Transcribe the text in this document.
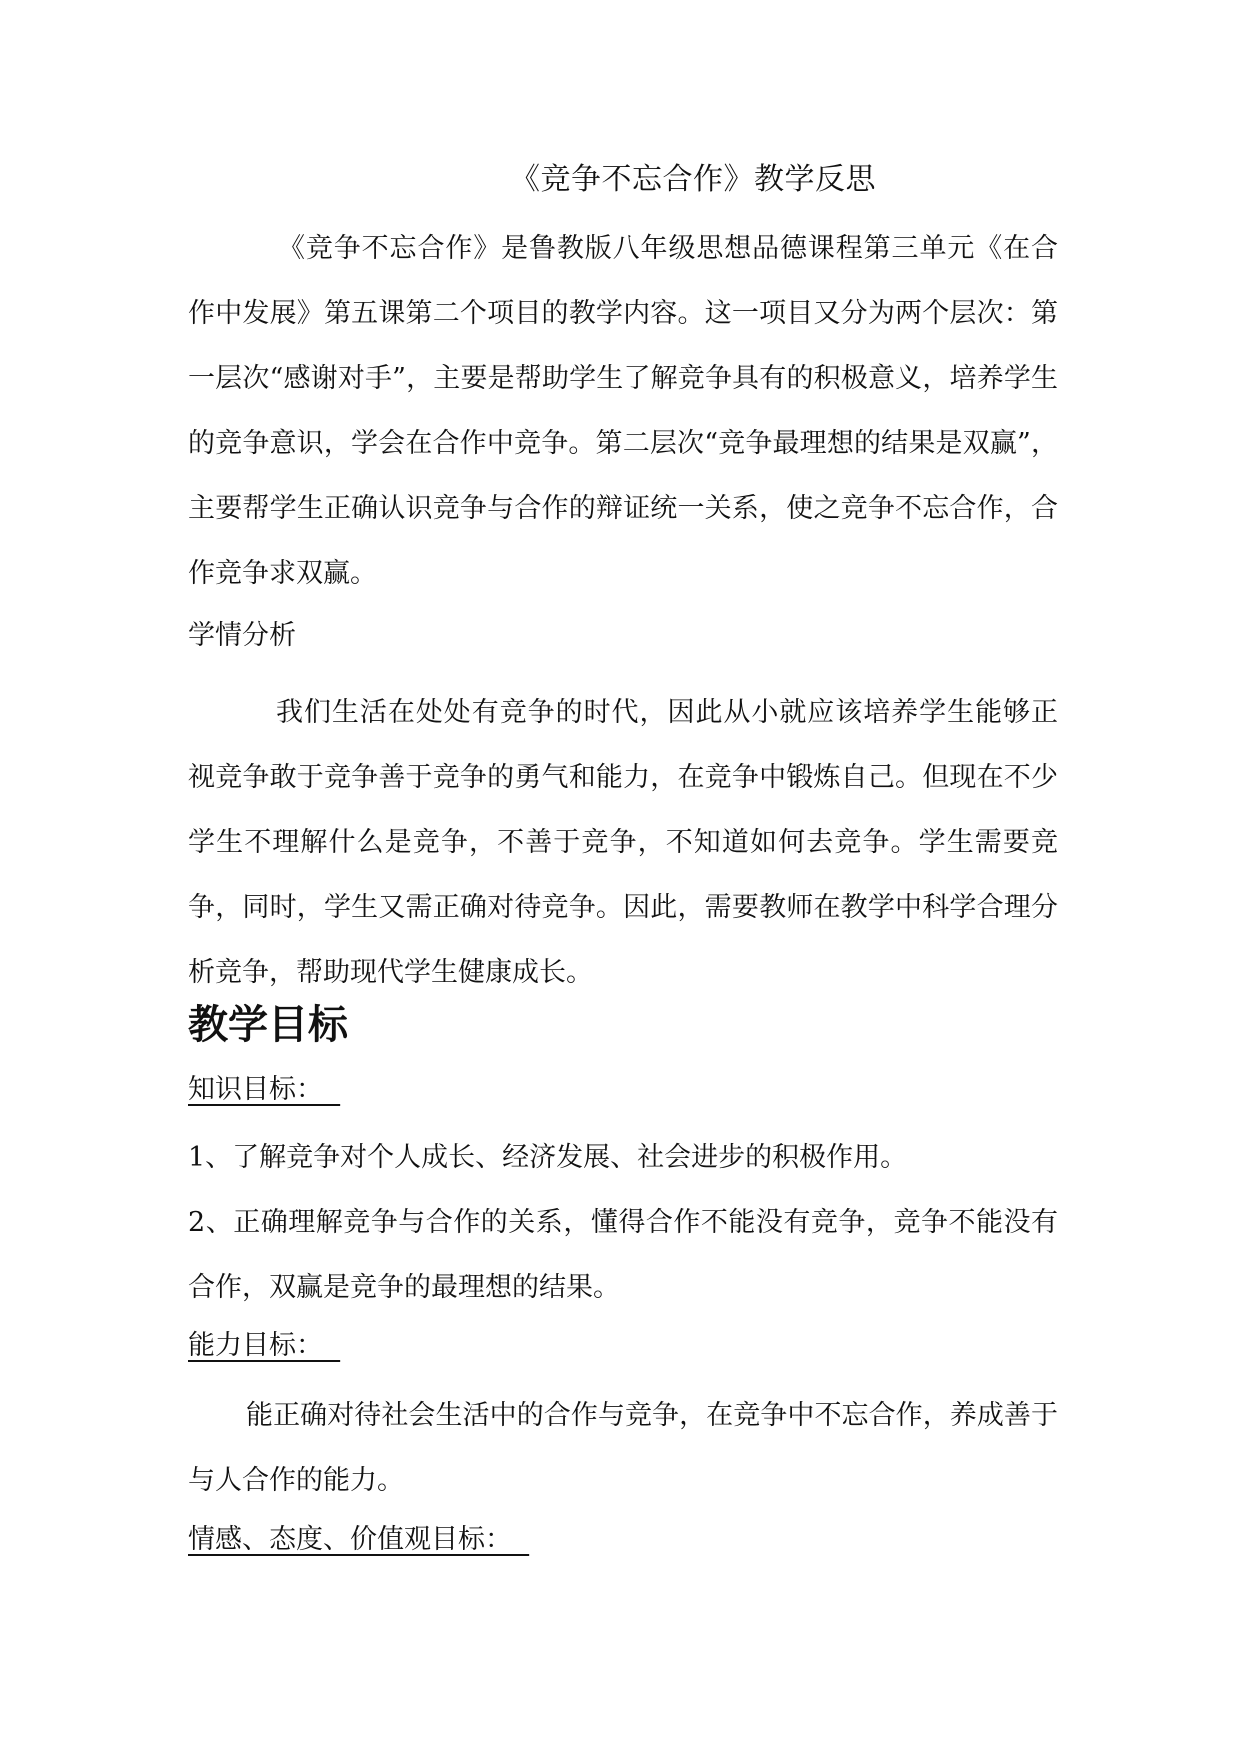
《竞争不忘合作》教学反思

《竞争不忘合作》是鲁教版八年级思想品德课程第三单元《在合作中发展》第五课第二个项目的教学内容。这一项目又分为两个层次：第一层次“感谢对手”，主要是帮助学生了解竞争具有的积极意义，培养学生的竞争意识，学会在合作中竞争。第二层次“竞争最理想的结果是双赢”，主要帮学生正确认识竞争与合作的辩证统一关系，使之竞争不忘合作，合作竞争求双赢。

学情分析

我们生活在处处有竞争的时代，因此从小就应该培养学生能够正视竞争敢于竞争善于竞争的勇气和能力，在竞争中锻炼自己。但现在不少学生不理解什么是竞争，不善于竞争，不知道如何去竞争。学生需要竞争，同时，学生又需正确对待竞争。因此，需要教师在教学中科学合理分析竞争，帮助现代学生健康成长。

教学目标
知识目标：

1、了解竞争对个人成长、经济发展、社会进步的积极作用。

2、正确理解竞争与合作的关系，懂得合作不能没有竞争，竞争不能没有合作，双赢是竞争的最理想的结果。

能力目标：

能正确对待社会生活中的合作与竞争，在竞争中不忘合作，养成善于与人合作的能力。

情感、态度、价值观目标：
